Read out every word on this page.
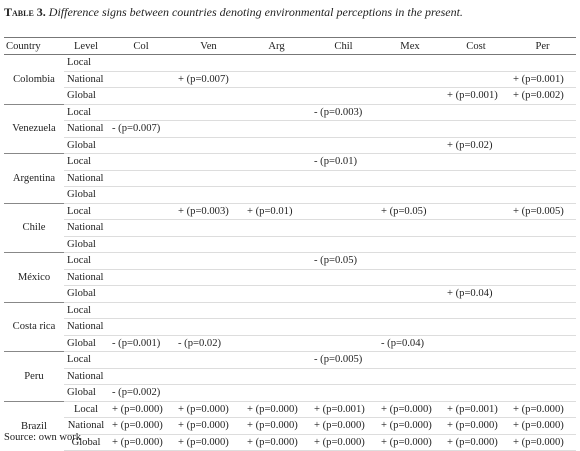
Table 3. Difference signs between countries denoting environmental perceptions in the present.
Country	Level	Col	Ven	Arg	Chil	Mex	Cost	Per
Colombia	Local							
	National		+ (p=0.007)					+ (p=0.001)
	Global						+ (p=0.001)	+ (p=0.002)
Venezuela	Local				- (p=0.003)			
	National	- (p=0.007)						
	Global						+ (p=0.02)	
Argentina	Local				- (p=0.01)			
	National							
	Global							
Chile	Local		+ (p=0.003)	+ (p=0.01)		+ (p=0.05)		+ (p=0.005)
	National							
	Global							
México	Local				- (p=0.05)			
	National							
	Global						+ (p=0.04)	
Costa rica	Local							
	National							
	Global	- (p=0.001)	- (p=0.02)			- (p=0.04)		
Peru	Local				- (p=0.005)			
	National							
	Global	- (p=0.002)						
Brazil	Local	+ (p=0.000)	+ (p=0.000)	+ (p=0.000)	+ (p=0.001)	+ (p=0.000)	+ (p=0.001)	+ (p=0.000)
	National	+ (p=0.000)	+ (p=0.000)	+ (p=0.000)	+ (p=0.000)	+ (p=0.000)	+ (p=0.000)	+ (p=0.000)
	Global	+ (p=0.000)	+ (p=0.000)	+ (p=0.000)	+ (p=0.000)	+ (p=0.000)	+ (p=0.000)	+ (p=0.000)
Source: own work
